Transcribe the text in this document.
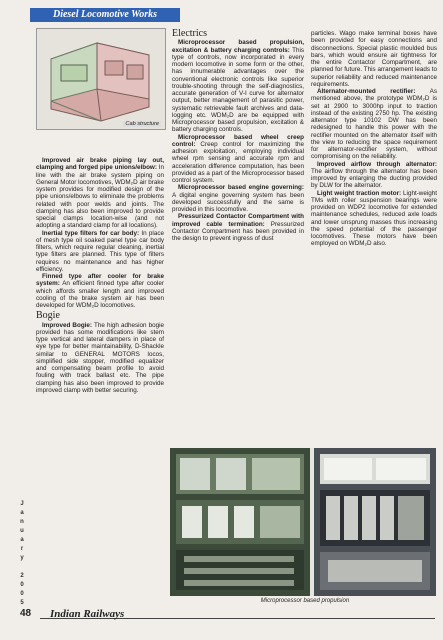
Diesel Locomotive Works
Cab structure

Improved air brake piping lay out, clamping and forged pipe unions/elbow: In line with the air brake system piping on General Motor locomotives, WDM₂D air brake system provides for modified design of the pipe unions/elbows to eliminate the problems related with poor welds and joints. The clamping has also been improved to provide special clamps location-wise (and not adopting a standard clamp for all locations).

Inertial type filters for car body: In place of mesh type oil soaked panel type car body filters, which require regular cleaning, inertial type filters are planned. This type of filters requires no maintenance and has higher efficiency.

Finned type after cooler for brake system: An efficient finned type after cooler which affords smaller length and improved cooling of the brake system air has been developed for WDM₂D locomotives.

Bogie

Improved Bogie: The high adhesion bogie provided has some modifications like stem type vertical and lateral dampers in place of eye type for better maintainability, D-Shackle similar to GENERAL MOTORS locos, simplified side stopper, modified equalizer and compensating beam profile to avoid fouling with track ballast etc. The pipe clamping has also been improved to provide improved clamp with better securing.

Electrics

Microprocessor based propulsion, excitation & battery charging controls: This type of controls, now incorporated in every modern locomotive in some form or the other, has innumerable advantages over the conventional electronic controls like superior trouble-shooting through the self-diagnostics, accurate generation of V-I curve for alternator output, better management of parasitic power, systematic retrievable fault archives and data-logging etc. WDM₂D are be equipped with Microprocessor based propulsion, excitation & battery charging controls.

Microprocessor based wheel creep control: Creep control for maximizing the adhesion exploitation, employing individual wheel rpm sensing and accurate rpm and acceleration difference computation, has been provided as a part of the Microprocessor based control system.

Microprocessor based engine governing: A digital engine governing system has been developed successfully and the same is provided in this locomotive.

Pressurized Contactor Compartment with improved cable termination: Pressurized Contactor Compartment has been provided in the design to prevent ingress of dust

particles. Wago make terminal boxes have been provided for easy connections and disconnections. Special plastic moulded bus bars, which would ensure air tightness for the entire Contactor Compartment, are planned for future. This arrangement leads to superior reliability and reduced maintenance requirements.

Alternator-mounted rectifier: As mentioned above, the prototype WDM₂D is set at 2900 to 3000hp input to traction instead of the existing 2750 hp. The existing alternator type 10102 DW has been redesigned to handle this power with the rectifier mounted on the alternator itself with the view to reducing the space requirement for alternator-rectifier system, without compromising on the reliability.

Improved airflow through alternator: The airflow through the alternator has been improved by enlarging the ducting provided by DLW for the alternator.

Light weight traction motor: Light-weight TMs with roller suspension bearings were provided on WDP2 locomotive for extended maintenance schedules, reduced axle loads and lower unsprung masses thus increasing the speed potential of the passenger locomotives. These motors have been employed on WDM₂D also.

Microprocessor based propulsion
J
a
n
u
a
r
y

2
0
0
5
48 Indian Railways
